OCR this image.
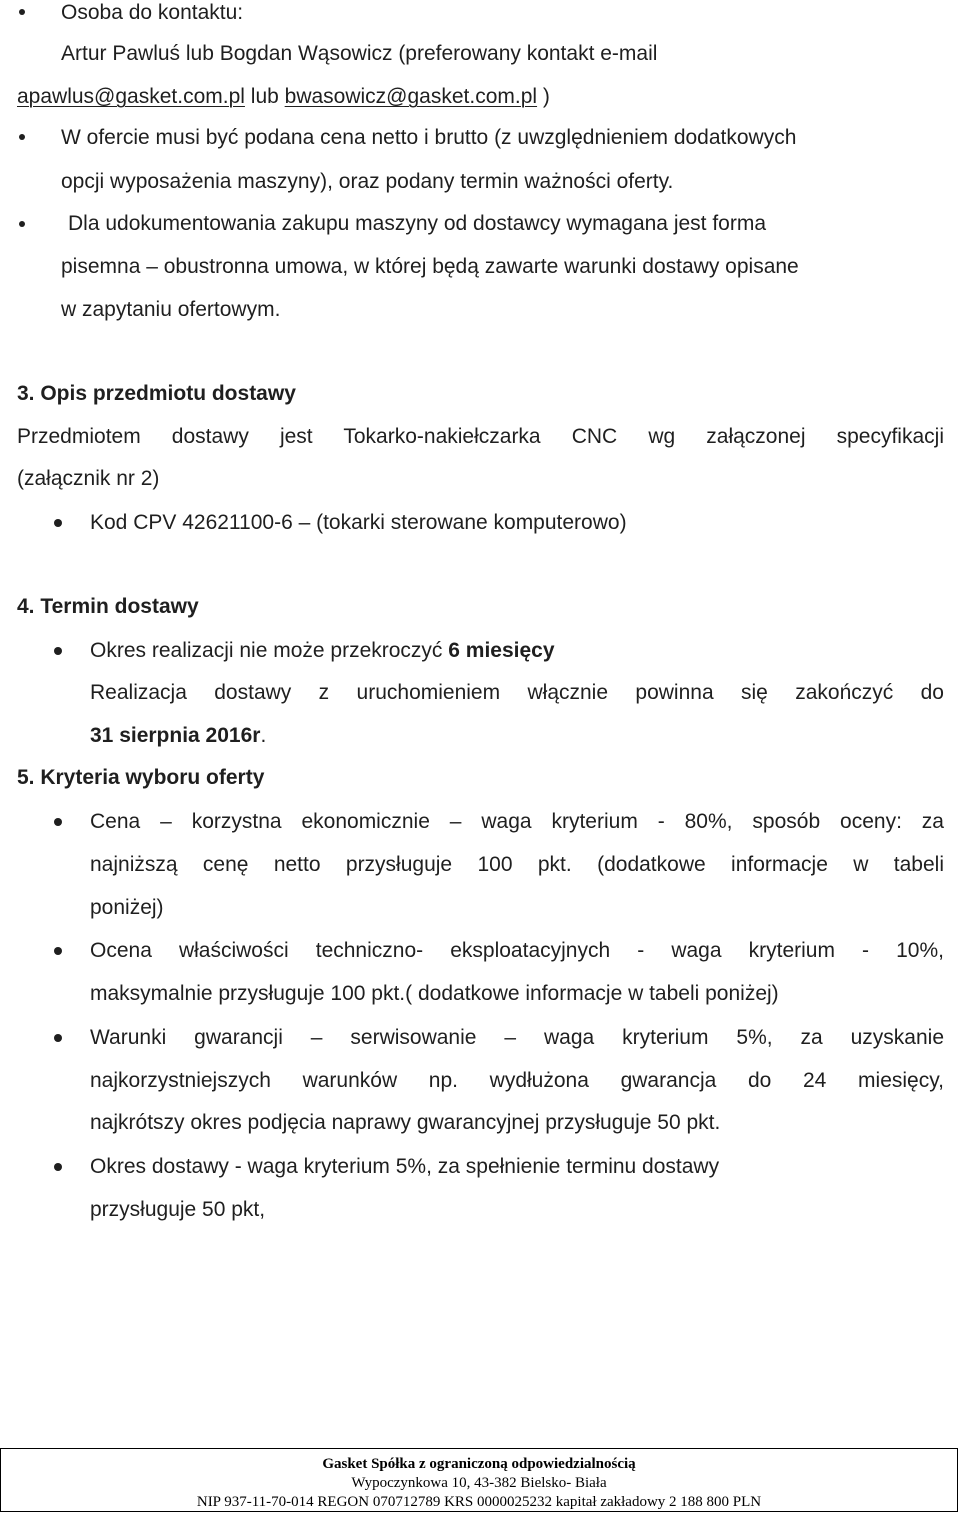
Osoba do kontaktu:
Artur Pawluś lub Bogdan Wąsowicz (preferowany kontakt e-mail
apawlus@gasket.com.pl lub bwasowicz@gasket.com.pl )
W ofercie musi być podana cena netto i brutto (z uwzględnieniem dodatkowych
opcji wyposażenia maszyny), oraz podany termin ważności oferty.
Dla udokumentowania zakupu maszyny od dostawcy wymagana jest forma
pisemna – obustronna umowa, w której będą zawarte warunki dostawy opisane
w zapytaniu ofertowym.
3. Opis przedmiotu dostawy
Przedmiotem dostawy jest Tokarko-nakiełczarka CNC wg załączonej specyfikacji
(załącznik nr 2)
Kod CPV 42621100-6 – (tokarki sterowane komputerowo)
4. Termin dostawy
Okres realizacji nie może przekroczyć 6 miesięcy
Realizacja dostawy z uruchomieniem włącznie powinna się zakończyć do
31 sierpnia 2016r.
5. Kryteria wyboru oferty
Cena – korzystna ekonomicznie – waga kryterium - 80%, sposób oceny: za
najniższą cenę netto przysługuje 100 pkt. (dodatkowe informacje w tabeli
poniżej)
Ocena właściwości techniczno- eksploatacyjnych - waga kryterium - 10%,
maksymalnie przysługuje 100 pkt.( dodatkowe informacje w tabeli poniżej)
Warunki gwarancji – serwisowanie – waga kryterium 5%, za uzyskanie
najkorzystniejszych warunków np. wydłużona gwarancja do 24 miesięcy,
najkrótszy okres podjęcia naprawy gwarancyjnej przysługuje 50 pkt.
Okres dostawy - waga kryterium 5%, za spełnienie terminu dostawy
przysługuje 50 pkt,
Gasket Spółka z ograniczoną odpowiedzialnością
Wypoczynkowa 10, 43-382 Bielsko- Biała
NIP 937-11-70-014 REGON 070712789 KRS 0000025232 kapitał zakładowy 2 188 800 PLN
